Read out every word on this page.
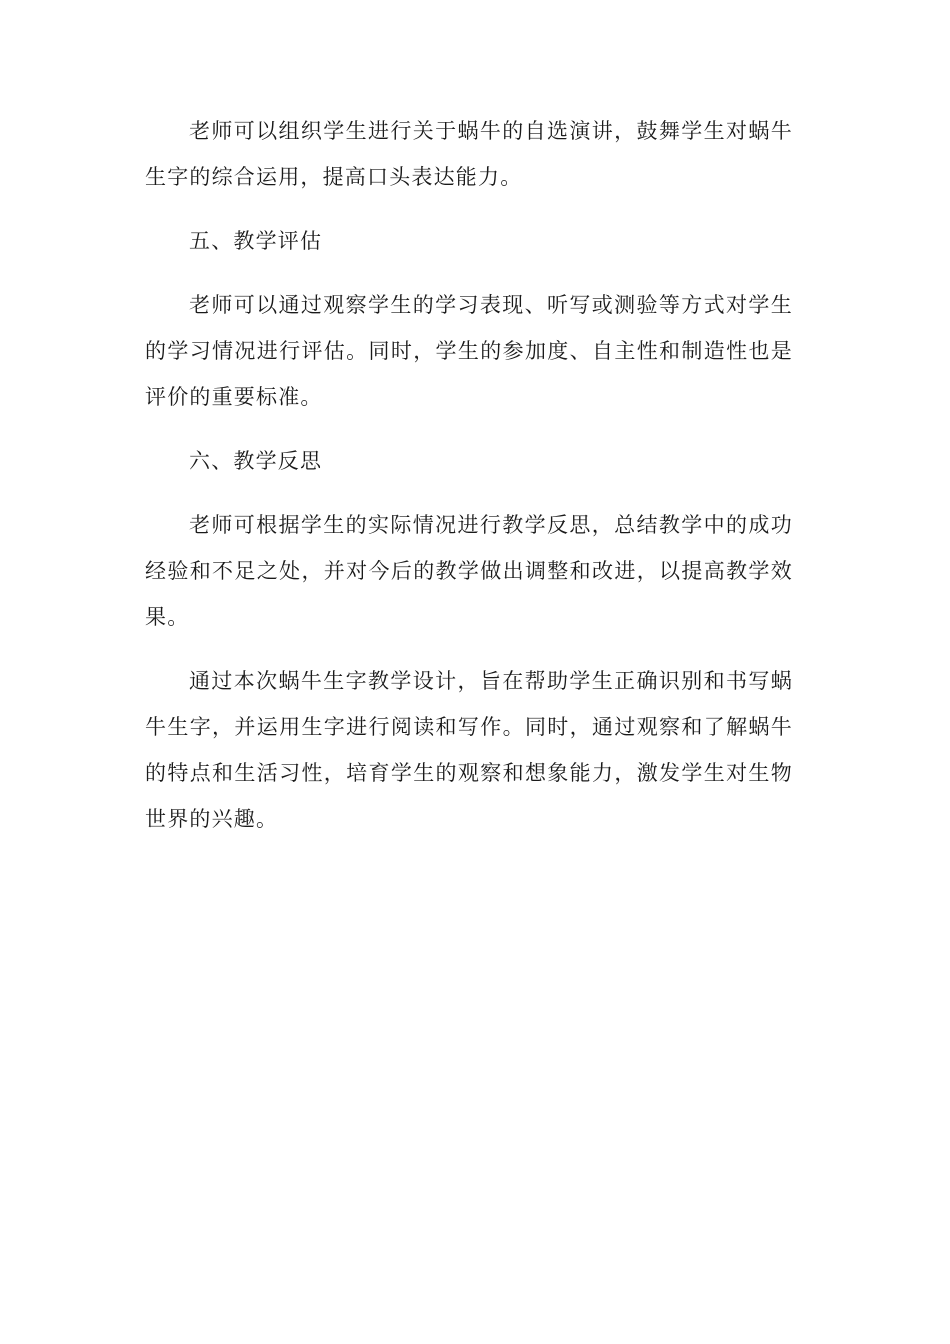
老师可以组织学生进行关于蜗牛的自选演讲，鼓舞学生对蜗牛生字的综合运用，提高口头表达能力。

五、教学评估

老师可以通过观察学生的学习表现、听写或测验等方式对学生的学习情况进行评估。同时，学生的参加度、自主性和制造性也是评价的重要标准。

六、教学反思

老师可根据学生的实际情况进行教学反思，总结教学中的成功经验和不足之处，并对今后的教学做出调整和改进，以提高教学效果。

通过本次蜗牛生字教学设计，旨在帮助学生正确识别和书写蜗牛生字，并运用生字进行阅读和写作。同时，通过观察和了解蜗牛的特点和生活习性，培育学生的观察和想象能力，激发学生对生物世界的兴趣。
